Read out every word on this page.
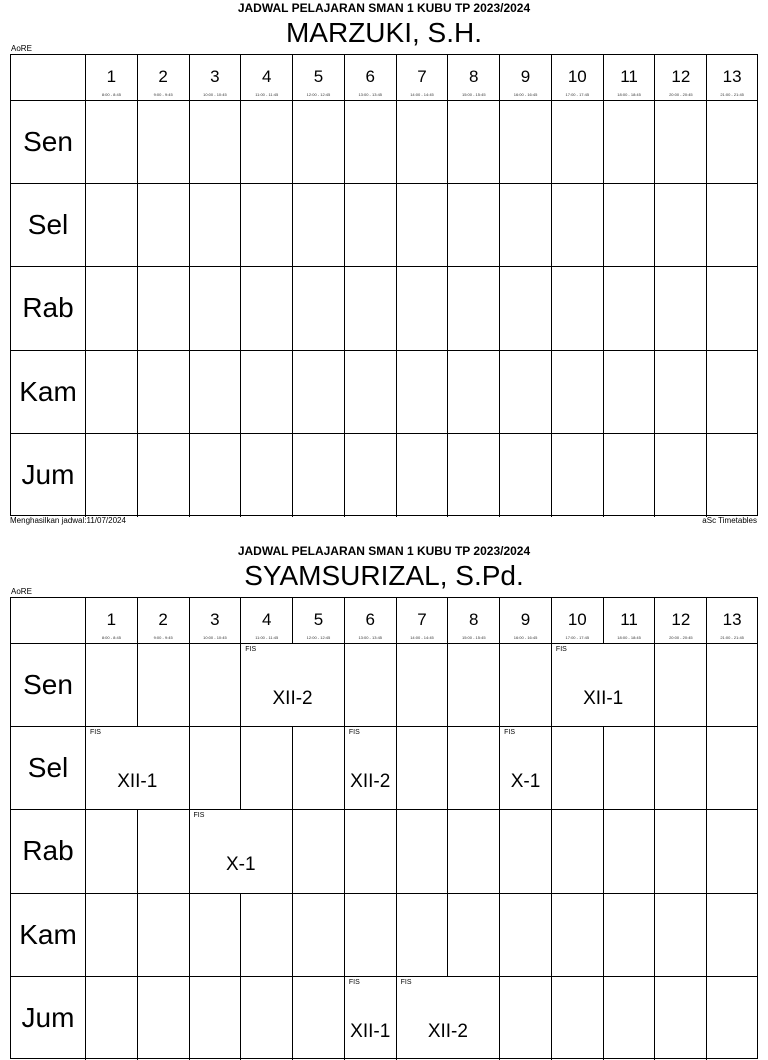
JADWAL PELAJARAN SMAN 1 KUBU TP 2023/2024
MARZUKI, S.H.
AoRE
1
8:00 - 8:45
2
9:00 - 9:45
3
10:00 - 10:45
4
11:00 - 11:45
5
12:00 - 12:45
6
13:00 - 13:45
7
14:00 - 14:45
8
15:00 - 15:45
9
16:00 - 16:45
10
17:00 - 17:45
11
18:00 - 18:45
12
20:00 - 20:45
13
21:00 - 21:45
Sen
Sel
Rab
Kam
Jum
Menghasilkan jadwal:11/07/2024	aSc Timetables
JADWAL PELAJARAN SMAN 1 KUBU TP 2023/2024
SYAMSURIZAL, S.Pd.
AoRE
1
8:00 - 8:45
2
9:00 - 9:45
3
10:00 - 10:45
4
11:00 - 11:45
5
12:00 - 12:45
6
13:00 - 13:45
7
14:00 - 14:45
8
15:00 - 15:45
9
16:00 - 16:45
10
17:00 - 17:45
11
18:00 - 18:45
12
20:00 - 20:45
13
21:00 - 21:45
Sen
FIS
XII-2
FIS
XII-1
Sel
FIS
XII-1
FIS
XII-2
FIS
X-1
Rab
FIS
X-1
Kam
Jum
FIS
XII-1
FIS
XII-2
